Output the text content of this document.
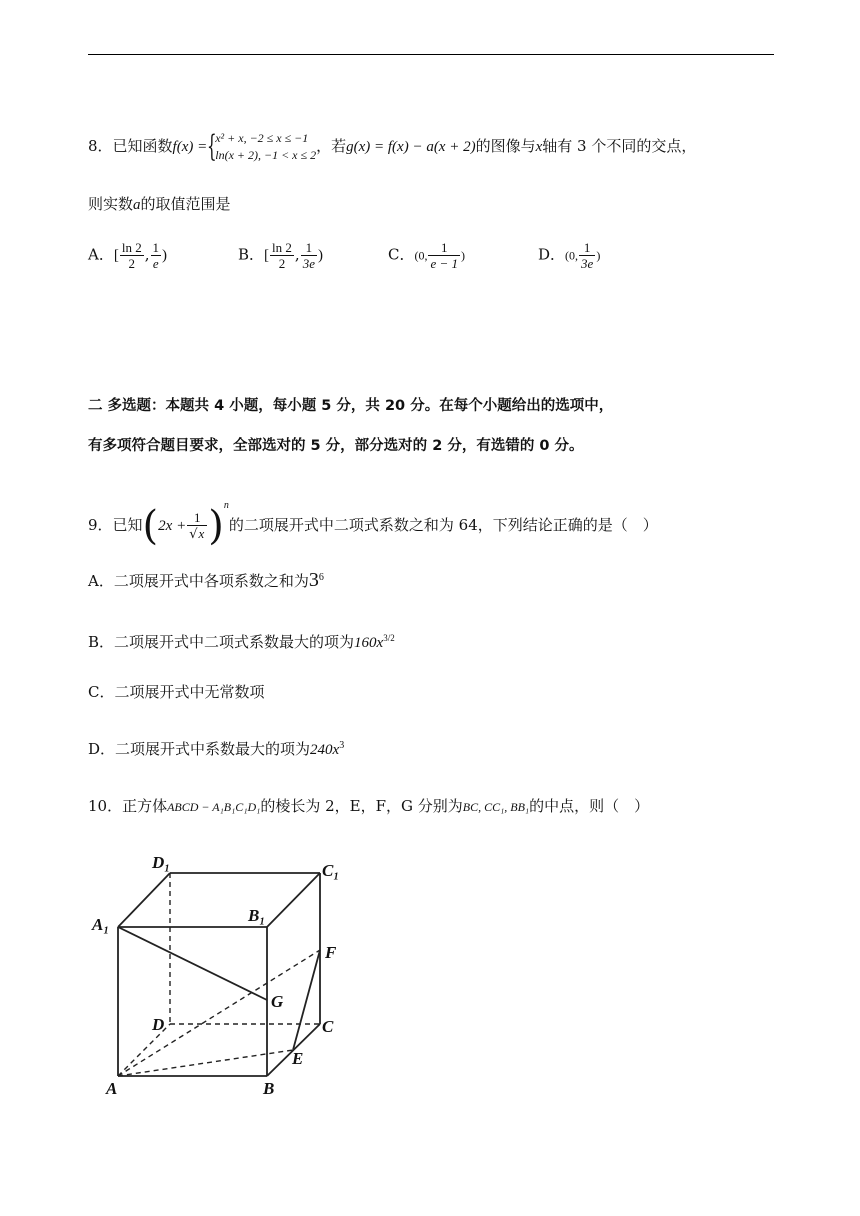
8．已知函数f(x) = {
x² + x, −2 ≤ x ≤ −1
ln(x + 2), −1 < x ≤ 2 ，若g(x) = f(x) − a(x + 2)的图像与x轴有 3 个不同的交点，
则实数a的取值范围是
A．[ $\frac{\ln 2}{2}$ , $\frac{1}{e}$ )	B．[ $\frac{\ln 2}{2}$ , $\frac{1}{3e}$ )	C．(0, $\frac{1}{e - 1}$ )	D．(0, $\frac{1}{3e}$ )
二 多选题：本题共 4 小题，每小题 5 分，共 20 分。在每个小题给出的选项中，
有多项符合题目要求，全部选对的 5 分，部分选对的 2 分，有选错的 0 分。
9．已知$(2x + \frac{1}{√x} )^n$的二项展开式中二项式系数之和为 64，下列结论正确的是（　）
A．二项展开式中各项系数之和为$3^6$
B．二项展开式中二项式系数最大的项为$160x^{3/2}$
C．二项展开式中无常数项
D．二项展开式中系数最大的项为$240x^3$
10．正方体ABCD − A₁B₁C₁D₁的棱长为 2，E，F，G 分别为BC, CC₁, BB₁的中点，则（　）
D₁	C₁
A₁	B₁
F
G
D	C
E
A	B
